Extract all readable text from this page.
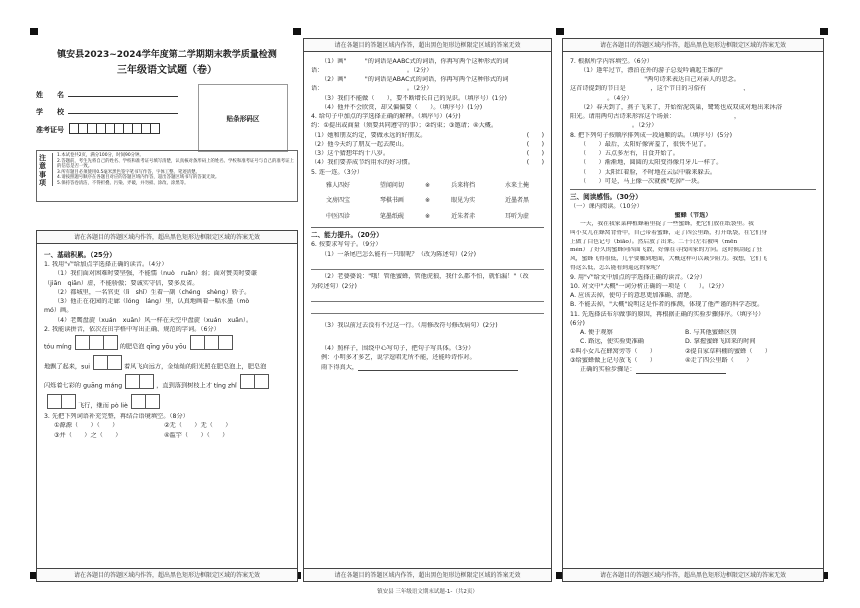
镇安县2023~2024学年度第二学期期末教学质量检测
三年级语文试题（卷）
姓　　名
学　　校
准考证号
贴条形码区
注意事项
1.本试卷共2页，满分100分，时间90分钟。
2.答题前，考生先将自己的姓名、学校和准考证号填写清楚，认真核对条形码上的姓名、学校和准考证号与自己的准考证上的信息是否一致。
3.所有题目必须使用0.5毫米黑色签字笔书写作答，字体工整、笔迹清楚。
4.请按照题号顺序在各题目对应的答题区域内作答，超出答题区域书写的答案无效。
5.保持答卷清洁，不得折叠、污染、弄破，并勿损、涂改、涂黑等。
请在各题目的答题区域内作答，超出黑色矩形边框限定区域的答案无效
一、基础积累。（25分）
1. 我用"√"给加点字选择正确的读音。（4分）
（1）我们面对困难时要坚强，不能懦（nuò　ruǎn）弱；面对赞美时要谦
（jiān　qiān）虚，不能骄傲；要诚实守信，要多反省。
（2）都城里，一名官吏（lì　shǐ）生着一副（chéng　shèng）轿子。
（3）他正在花园的走廊（lóng　láng）里，认真地画着一幅水墨（mò
mó）画。
（4）老鹰盘旋（xuán　xuān）风一样在天空中盘旋（xuán　xuǎn）。
2. 我能读拼音，依次在田字格中写出正确、规范的字词。（6分）
tóu míng	的肥皂泡 qīng yōu yōu
地飘了起来，sui	着风飞向远方，金灿灿的阳光照在肥皂泡上，肥皂泡
闪烁着七彩的 guāng máng	，直到落到树枝上才 tíng zhǐ
飞行，继而 pò liè
3. 先把下列词语补充完整，再结合语境填空。（8分）
①源源（　　）（　　）	②无（　　）无（　　）
③并（　　）之（　　）	④滥竽（　　）（　　）
请在各题目的答题区域内作答，超出黑色矩形边框限定区域的答案无效
请在各题目的答题区域内作答，超出黑色矩形边框限定区域的答案无效
（1）画"　　　"的词语是AABC式的词语，你再写两个这种形式的词
语：　　　　　　　　　　　　　　。（2分）
（2）画"　　　"的词语是ABAC式的词语，你再写两个这种形式的词
语：　　　　　　　　　　　　　　。（2分）
（3）我们不能做（　　），要不断增长自己的见识。（填序号）(1分)
（4）他并不会欣赏，却又偏偏要（　　）。（填序号）(1分)
4. 给句子中加点的字选择正确的解释。（填序号）(4分)
约：①提出或商量（须要共同遵守的事）；②约束；③邀请；④大概。
（1）她和朋友约定，要做永远的好朋友。	(　　)
（2）他今天约了朋友一起去爬山。	(　　)
（3）这个猜想年约十八岁。	(　　)
（4）我们要养成节约用水的好习惯。	(　　)
5. 连一连。（3分）
雅人四好	望闻问切	※	兵来将挡	水来土掩
文房四宝	琴棋书画	※	眼见为实	近墨者黑
中医四诊	笔墨纸砚	※	近朱者赤	耳听为虚
二、能力提升。（20分）
6. 按要求写句子。（9分）
（1）一条尾巴怎么能有一只眼呢？（改为陈述句）(2分)
（2）老婆婆说："哦！管他蜜蜂，管他虎狼，我什么都不怕，就怕漏！"（改
为转述句）(2分)
（3）我以前过去没有不过这一行。（用修改符号修改病句）(2分)
（4）照样子，围绕中心写句子，把句子写具体。（3分）
例：小明多才多艺，说学逗唱无所不能，还能吟诗作对。
雨下得真大，
请在各题目的答题区域内作答，超出黑色矩形边框限定区域的答案无效
请在各题目的答题区域内作答，超出黑色矩形边框限定区域的答案无效
7. 根据所学内容填空。（6分）
（1）逢年过节，漂泊在外的游子总爱吟诵起王维的"　　　　　　　　　
　　　　　　　　　　　　"两句诗来表达自己对亲人的思念。
这首诗提到的节日是　　　　，这个节日的习俗有　　　　　　、
　　　　　　。（4分）
（2）春天到了，燕子飞来了，开始衔泥筑巢，鹭鸶也成双成对地出来沐浴
阳光。请用两句古诗来形容这个场景：　　　　　　　　　　，
　　　　　　　　　　。（2分）
8. 把下列句子按顺序排列成一段通顺的话。（填序号）(5分)
（　　）最后，太阳好像害羞了，很快不见了。
（　　）五点多左右，日食开始了。
（　　）渐渐地，圆圆的太阳变得像月牙儿一样了。
（　　）太阳红着脸，不时地在云层中躲来躲去。
（　　）可是，马上像一次就被"吃掉"一块。
三、阅读感悟。（30分）
（一）课内阅读。（10分）
蜜蜂（节选）
一天，我在我家菜种植蜂箱里捉了一些蜜蜂，把它们放在纸袋里。我
叫小女儿在蜂窝背骨中，自己带着蜜蜂，走了四公里路，打开纸袋，在它们身
上做了白色记号（biāo）。然后放了出来。二十只左右被叫（mēn
mèn）了好久的蜜蜂向四面飞散，好像在寻找回家的方向。这时候刮起了狂
风，蜜蜂飞得很低，几乎要触到地面，大概这样可以减少阻力。我想，它们飞
得这么低，怎么能看到遥远的家呢？
9. 用"√"给文中加点的字选择正确的读音。（2分）
10. 对文中"大概"一词分析正确的一项是（　　）。（2分）
A. 应该去掉，使句子的意思更加准确、清楚。
B. 不能去掉，"大概"说明这是作者的推测，体现了他严谨的科学态度。
11. 先选择法布尔做事的原因，再根据正确的实验步骤排序。（填序号）
(6分)
A. 便于观察	B. 与其他蜜蜂区别
C. 路远，使实验更准确	D. 掌握蜜蜂飞回来的时间
①叫小女儿在蜂窝旁等（　　）	②提自家草料棚的蜜蜂（　　）
③给蜜蜂做上记号放飞（　　）	④走了四公里路（　　）
正确的实验步骤是：
请在各题目的答题区域内作答，超出黑色矩形边框限定区域的答案无效
镇安县 三年级语文期末试题-1-（共2页）
